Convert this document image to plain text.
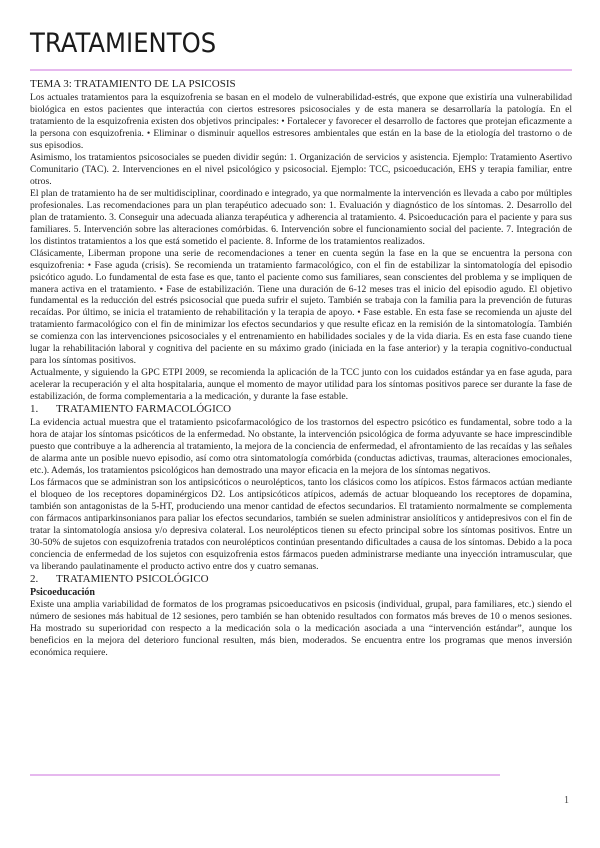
TRATAMIENTOS

TEMA 3: TRATAMIENTO DE LA PSICOSIS

Los actuales tratamientos para la esquizofrenia se basan en el modelo de vulnerabilidad-estrés, que expone que existiría una vulnerabilidad biológica en estos pacientes que interactúa con ciertos estresores psicosociales y de esta manera se desarrollaría la patología. En el tratamiento de la esquizofrenia existen dos objetivos principales: • Fortalecer y favorecer el desarrollo de factores que protejan eficazmente a la persona con esquizofrenia. • Eliminar o disminuir aquellos estresores ambientales que están en la base de la etiología del trastorno o de sus episodios.

Asimismo, los tratamientos psicosociales se pueden dividir según: 1. Organización de servicios y asistencia. Ejemplo: Tratamiento Asertivo Comunitario (TAC). 2. Intervenciones en el nivel psicológico y psicosocial. Ejemplo: TCC, psicoeducación, EHS y terapia familiar, entre otros.

El plan de tratamiento ha de ser multidisciplinar, coordinado e integrado, ya que normalmente la intervención es llevada a cabo por múltiples profesionales. Las recomendaciones para un plan terapéutico adecuado son: 1. Evaluación y diagnóstico de los síntomas. 2. Desarrollo del plan de tratamiento. 3. Conseguir una adecuada alianza terapéutica y adherencia al tratamiento. 4. Psicoeducación para el paciente y para sus familiares. 5. Intervención sobre las alteraciones comórbidas. 6. Intervención sobre el funcionamiento social del paciente. 7. Integración de los distintos tratamientos a los que está sometido el paciente. 8. Informe de los tratamientos realizados.

Clásicamente, Liberman propone una serie de recomendaciones a tener en cuenta según la fase en la que se encuentra la persona con esquizofrenia: • Fase aguda (crisis). Se recomienda un tratamiento farmacológico, con el fin de estabilizar la sintomatología del episodio psicótico agudo. Lo fundamental de esta fase es que, tanto el paciente como sus familiares, sean conscientes del problema y se impliquen de manera activa en el tratamiento. • Fase de estabilización. Tiene una duración de 6-12 meses tras el inicio del episodio agudo. El objetivo fundamental es la reducción del estrés psicosocial que pueda sufrir el sujeto. También se trabaja con la familia para la prevención de futuras recaídas. Por último, se inicia el tratamiento de rehabilitación y la terapia de apoyo. • Fase estable. En esta fase se recomienda un ajuste del tratamiento farmacológico con el fin de minimizar los efectos secundarios y que resulte eficaz en la remisión de la sintomatología. También se comienza con las intervenciones psicosociales y el entrenamiento en habilidades sociales y de la vida diaria. Es en esta fase cuando tiene lugar la rehabilitación laboral y cognitiva del paciente en su máximo grado (iniciada en la fase anterior) y la terapia cognitivo-conductual para los síntomas positivos.

Actualmente, y siguiendo la GPC ETPI 2009, se recomienda la aplicación de la TCC junto con los cuidados estándar ya en fase aguda, para acelerar la recuperación y el alta hospitalaria, aunque el momento de mayor utilidad para los síntomas positivos parece ser durante la fase de estabilización, de forma complementaria a la medicación, y durante la fase estable.

1. TRATAMIENTO FARMACOLÓGICO

La evidencia actual muestra que el tratamiento psicofarmacológico de los trastornos del espectro psicótico es fundamental, sobre todo a la hora de atajar los síntomas psicóticos de la enfermedad. No obstante, la intervención psicológica de forma adyuvante se hace imprescindible puesto que contribuye a la adherencia al tratamiento, la mejora de la conciencia de enfermedad, el afrontamiento de las recaídas y las señales de alarma ante un posible nuevo episodio, así como otra sintomatología comórbida (conductas adictivas, traumas, alteraciones emocionales, etc.). Además, los tratamientos psicológicos han demostrado una mayor eficacia en la mejora de los síntomas negativos.

Los fármacos que se administran son los antipsicóticos o neurolépticos, tanto los clásicos como los atípicos. Estos fármacos actúan mediante el bloqueo de los receptores dopaminérgicos D2. Los antipsicóticos atípicos, además de actuar bloqueando los receptores de dopamina, también son antagonistas de la 5-HT, produciendo una menor cantidad de efectos secundarios. El tratamiento normalmente se complementa con fármacos antiparkinsonianos para paliar los efectos secundarios, también se suelen administrar ansiolíticos y antidepresivos con el fin de tratar la sintomatología ansiosa y/o depresiva colateral. Los neurolépticos tienen su efecto principal sobre los síntomas positivos. Entre un 30-50% de sujetos con esquizofrenia tratados con neurolépticos continúan presentando dificultades a causa de los síntomas. Debido a la poca conciencia de enfermedad de los sujetos con esquizofrenia estos fármacos pueden administrarse mediante una inyección intramuscular, que va liberando paulatinamente el producto activo entre dos y cuatro semanas.

2. TRATAMIENTO PSICOLÓGICO

Psicoeducación

Existe una amplia variabilidad de formatos de los programas psicoeducativos en psicosis (individual, grupal, para familiares, etc.) siendo el número de sesiones más habitual de 12 sesiones, pero también se han obtenido resultados con formatos más breves de 10 o menos sesiones. Ha mostrado su superioridad con respecto a la medicación sola o la medicación asociada a una “intervención estándar”, aunque los beneficios en la mejora del deterioro funcional resulten, más bien, moderados. Se encuentra entre los programas que menos inversión económica requiere.

1
